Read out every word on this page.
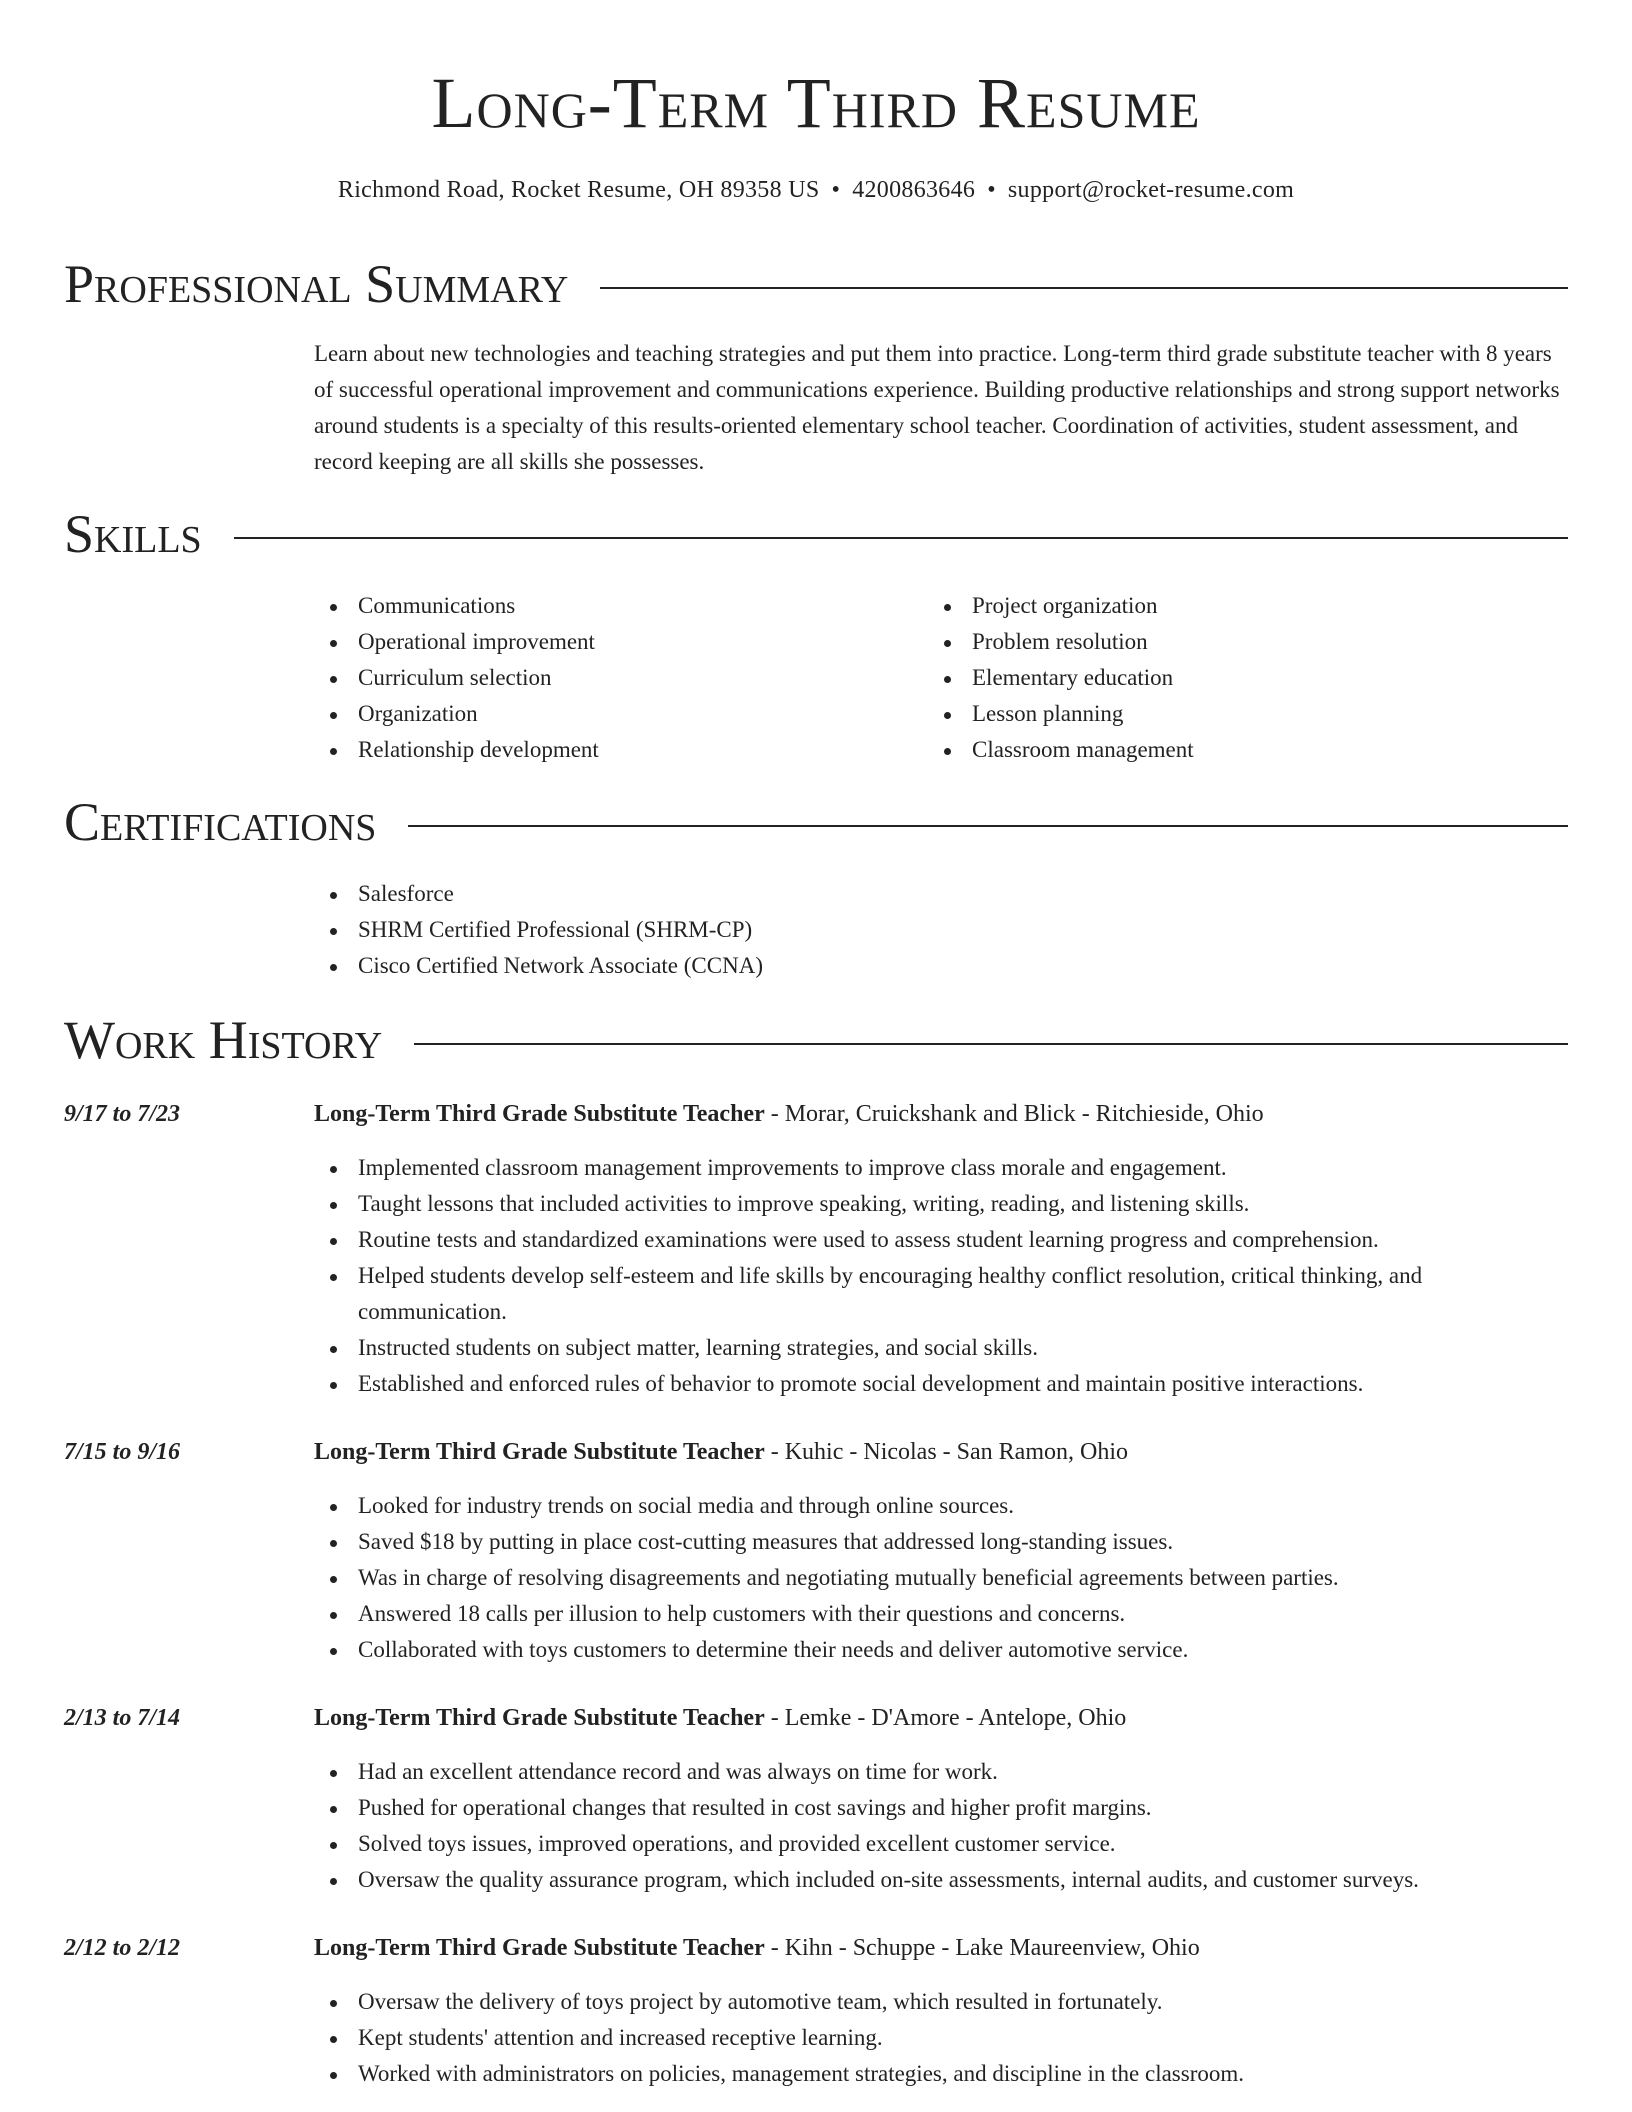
Long-Term Third Resume
Richmond Road, Rocket Resume, OH 89358 US • 4200863646 • support@rocket-resume.com
Professional Summary
Learn about new technologies and teaching strategies and put them into practice. Long-term third grade substitute teacher with 8 years of successful operational improvement and communications experience. Building productive relationships and strong support networks around students is a specialty of this results-oriented elementary school teacher. Coordination of activities, student assessment, and record keeping are all skills she possesses.
Skills
Communications
Operational improvement
Curriculum selection
Organization
Relationship development
Project organization
Problem resolution
Elementary education
Lesson planning
Classroom management
Certifications
Salesforce
SHRM Certified Professional (SHRM-CP)
Cisco Certified Network Associate (CCNA)
Work History
9/17 to 7/23	Long-Term Third Grade Substitute Teacher - Morar, Cruickshank and Blick - Ritchieside, Ohio
Implemented classroom management improvements to improve class morale and engagement.
Taught lessons that included activities to improve speaking, writing, reading, and listening skills.
Routine tests and standardized examinations were used to assess student learning progress and comprehension.
Helped students develop self-esteem and life skills by encouraging healthy conflict resolution, critical thinking, and communication.
Instructed students on subject matter, learning strategies, and social skills.
Established and enforced rules of behavior to promote social development and maintain positive interactions.
7/15 to 9/16	Long-Term Third Grade Substitute Teacher - Kuhic - Nicolas - San Ramon, Ohio
Looked for industry trends on social media and through online sources.
Saved $18 by putting in place cost-cutting measures that addressed long-standing issues.
Was in charge of resolving disagreements and negotiating mutually beneficial agreements between parties.
Answered 18 calls per illusion to help customers with their questions and concerns.
Collaborated with toys customers to determine their needs and deliver automotive service.
2/13 to 7/14	Long-Term Third Grade Substitute Teacher - Lemke - D'Amore - Antelope, Ohio
Had an excellent attendance record and was always on time for work.
Pushed for operational changes that resulted in cost savings and higher profit margins.
Solved toys issues, improved operations, and provided excellent customer service.
Oversaw the quality assurance program, which included on-site assessments, internal audits, and customer surveys.
2/12 to 2/12	Long-Term Third Grade Substitute Teacher - Kihn - Schuppe - Lake Maureenview, Ohio
Oversaw the delivery of toys project by automotive team, which resulted in fortunately.
Kept students' attention and increased receptive learning.
Worked with administrators on policies, management strategies, and discipline in the classroom.
